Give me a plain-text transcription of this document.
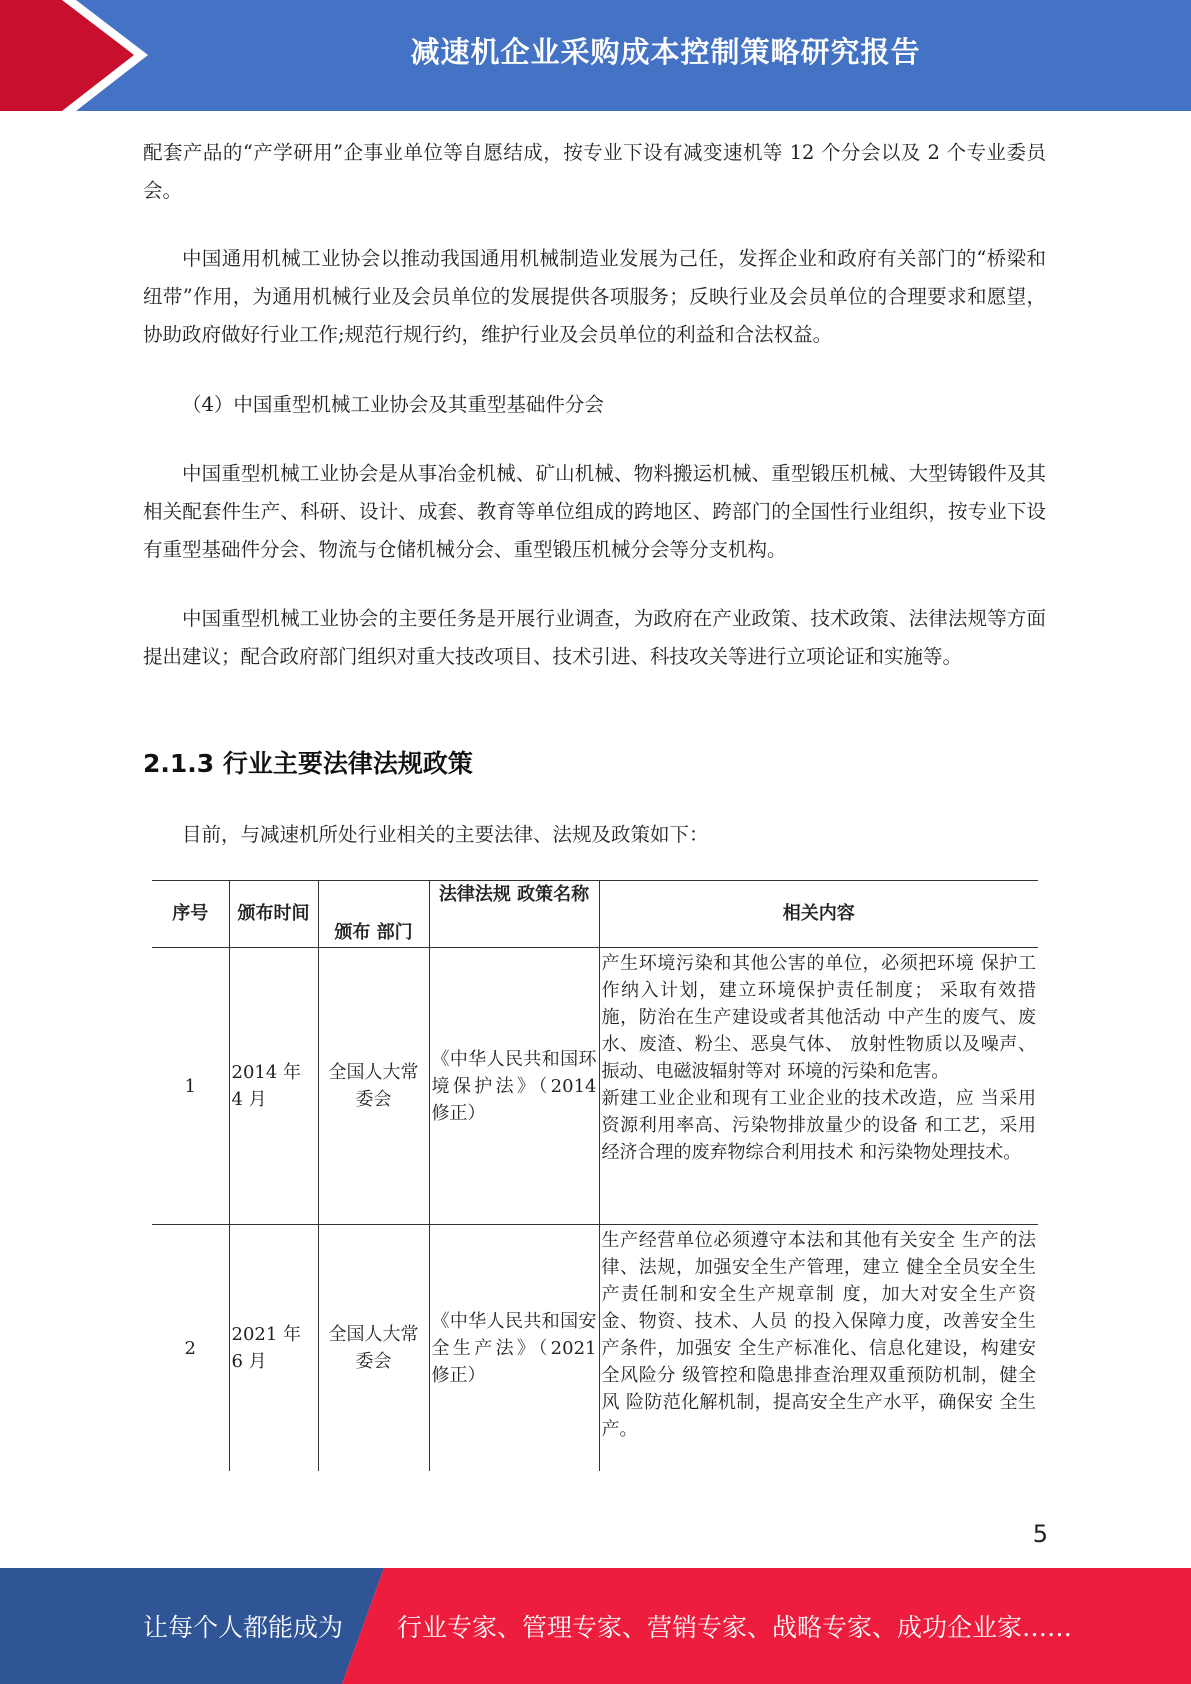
减速机企业采购成本控制策略研究报告
配套产品的“产学研用”企事业单位等自愿结成，按专业下设有减变速机等 12 个分会以及 2 个专业委员会。
中国通用机械工业协会以推动我国通用机械制造业发展为己任，发挥企业和政府有关部门的“桥梁和纽带”作用，为通用机械行业及会员单位的发展提供各项服务；反映行业及会员单位的合理要求和愿望，协助政府做好行业工作;规范行规行约，维护行业及会员单位的利益和合法权益。
（4）中国重型机械工业协会及其重型基础件分会
中国重型机械工业协会是从事冶金机械、矿山机械、物料搬运机械、重型锻压机械、大型铸锻件及其相关配套件生产、科研、设计、成套、教育等单位组成的跨地区、跨部门的全国性行业组织，按专业下设有重型基础件分会、物流与仓储机械分会、重型锻压机械分会等分支机构。
中国重型机械工业协会的主要任务是开展行业调查，为政府在产业政策、技术政策、法律法规等方面提出建议；配合政府部门组织对重大技改项目、技术引进、科技攻关等进行立项论证和实施等。
2.1.3 行业主要法律法规政策
目前，与减速机所处行业相关的主要法律、法规及政策如下：
序号	颁布时间	颁布 部门	法律法规 政策名称	相关内容
1	2014 年 4 月	全国人大常委会	《中华人民共和国环境保护法》（2014 修正）	产生环境污染和其他公害的单位，必须把环境 保护工作纳入计划，建立环境保护责任制度； 采取有效措施，防治在生产建设或者其他活动 中产生的废气、废水、废渣、粉尘、恶臭气体、 放射性物质以及噪声、振动、电磁波辐射等对 环境的污染和危害。
新建工业企业和现有工业企业的技术改造，应 当采用资源利用率高、污染物排放量少的设备 和工艺，采用经济合理的废弃物综合利用技术 和污染物处理技术。

2	2021 年 6 月	全国人大常委会	《中华人民共和国安全生产法》（2021 修正）	生产经营单位必须遵守本法和其他有关安全 生产的法律、法规，加强安全生产管理，建立 健全全员安全生产责任制和安全生产规章制 度，加大对安全生产资金、物资、技术、人员 的投入保障力度，改善安全生产条件，加强安 全生产标准化、信息化建设，构建安全风险分 级管控和隐患排查治理双重预防机制，健全风 险防范化解机制，提高安全生产水平，确保安 全生产。
5
让每个人都能成为 行业专家、管理专家、营销专家、战略专家、成功企业家……
